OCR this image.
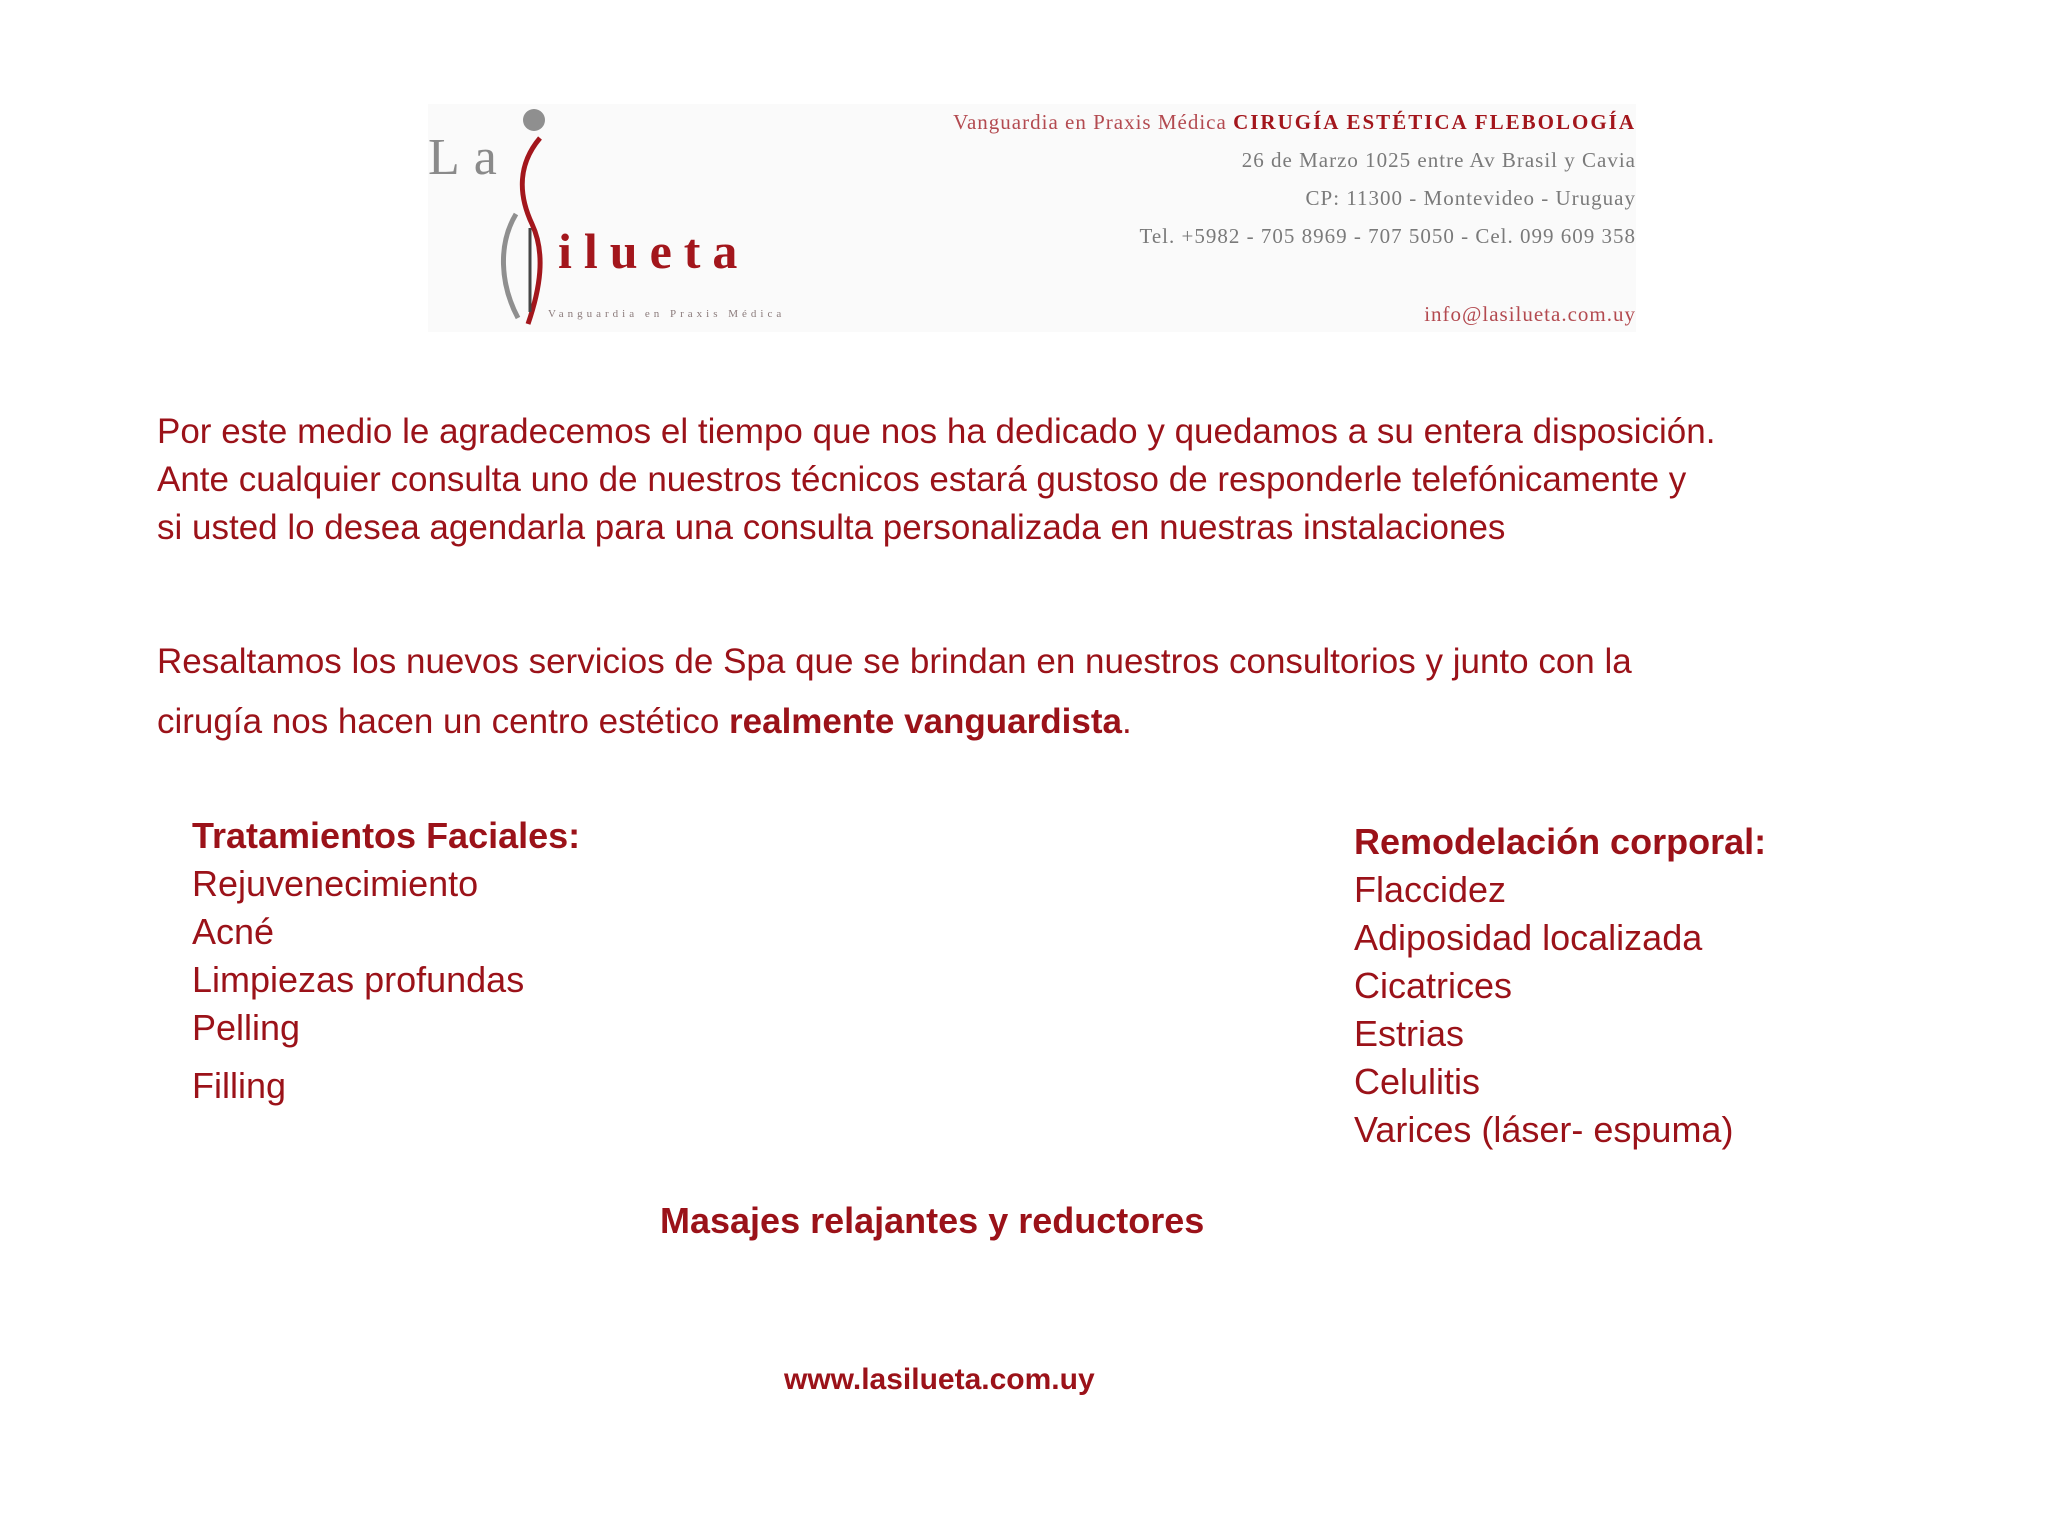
La
ilueta
Vanguardia en Praxis Médica
Vanguardia en Praxis Médica CIRUGÍA ESTÉTICA FLEBOLOGÍA
26 de Marzo 1025 entre Av Brasil y Cavia
CP: 11300 - Montevideo - Uruguay
Tel. +5982 - 705 8969 - 707 5050 - Cel. 099 609 358
info@lasilueta.com.uy
Por este medio le agradecemos el tiempo que nos ha dedicado y quedamos a su entera disposición.
Ante cualquier consulta uno de nuestros técnicos estará gustoso de responderle telefónicamente y
si usted lo desea agendarla para una consulta personalizada en nuestras instalaciones
Resaltamos los nuevos servicios de Spa que se brindan en nuestros consultorios y junto con la
cirugía nos hacen un centro estético realmente vanguardista.
Tratamientos Faciales:
Rejuvenecimiento
Acné
Limpiezas profundas
Pelling
Filling
Remodelación corporal:
Flaccidez
Adiposidad localizada
Cicatrices
Estrias
Celulitis
Varices (láser- espuma)
Masajes relajantes y reductores
www.lasilueta.com.uy
